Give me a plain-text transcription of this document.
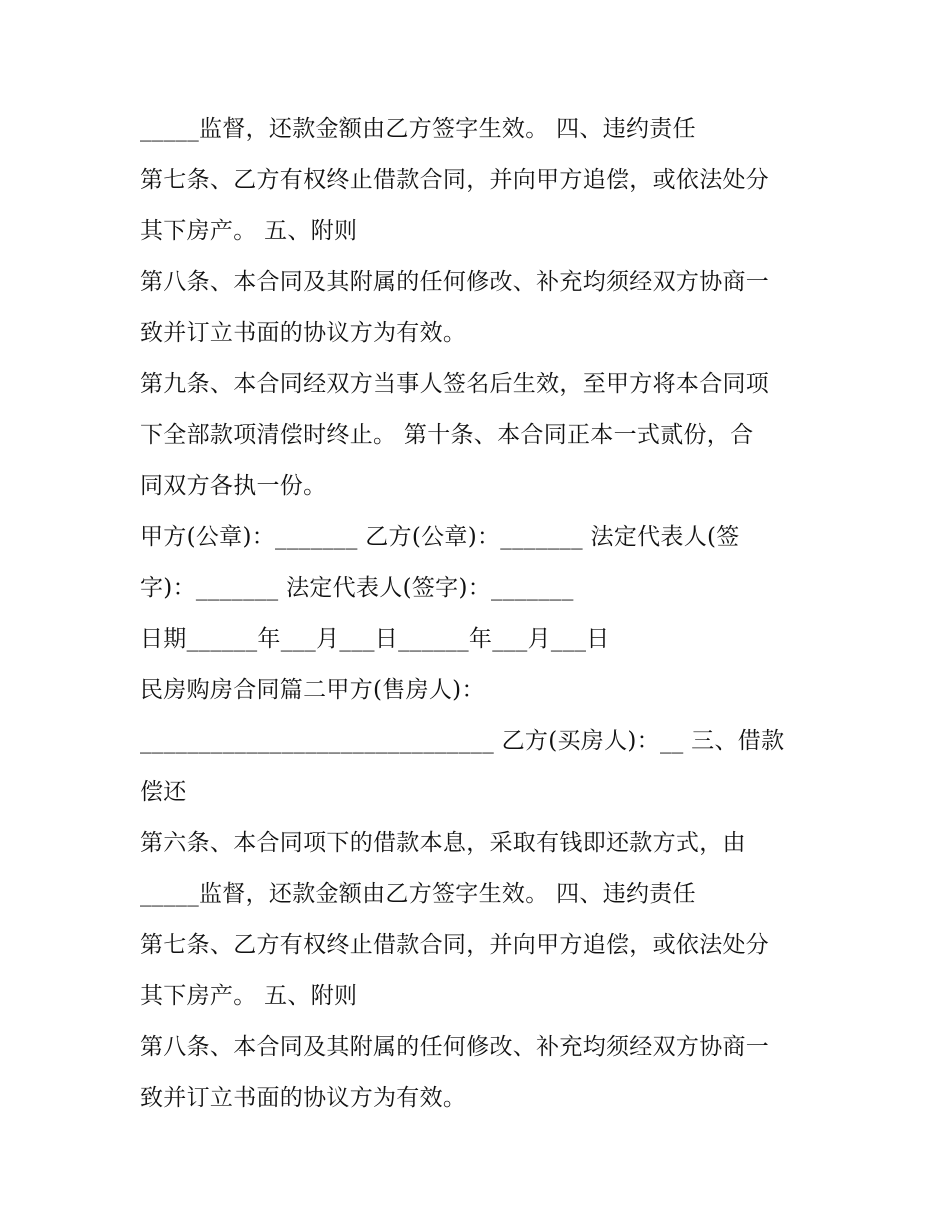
_____监督，还款金额由乙方签字生效。 四、违约责任
第七条、乙方有权终止借款合同，并向甲方追偿，或依法处分
其下房产。 五、附则
第八条、本合同及其附属的任何修改、补充均须经双方协商一
致并订立书面的协议方为有效。
第九条、本合同经双方当事人签名后生效，至甲方将本合同项
下全部款项清偿时终止。 第十条、本合同正本一式贰份，合
同双方各执一份。
甲方(公章)：_______ 乙方(公章)：_______ 法定代表人(签
字)：_______ 法定代表人(签字)：_______
日期______年___月___日______年___月___日
民房购房合同篇二甲方(售房人)：
______________________________ 乙方(买房人)：__ 三、借款
偿还
第六条、本合同项下的借款本息，采取有钱即还款方式，由
_____监督，还款金额由乙方签字生效。 四、违约责任
第七条、乙方有权终止借款合同，并向甲方追偿，或依法处分
其下房产。 五、附则
第八条、本合同及其附属的任何修改、补充均须经双方协商一
致并订立书面的协议方为有效。
